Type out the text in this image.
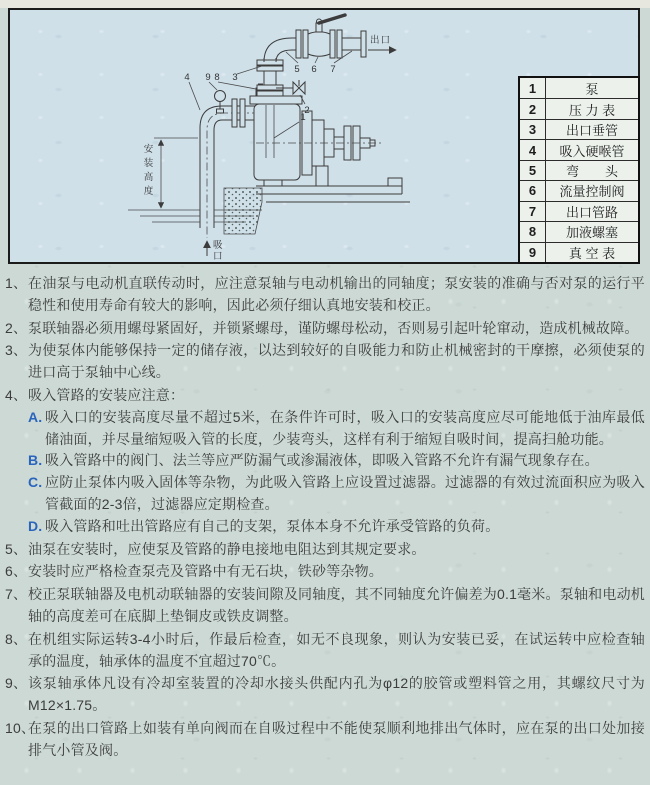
吸
口
安
装
高
度
出口
4 9 8 3
5 6 7
2
1
1	泵
2	压 力 表
3	出口垂管
4	吸入硬喉管
5	弯　　头
6	流量控制阀
7	出口管路
8	加液螺塞
9	真 空 表
1、 在油泵与电动机直联传动时，应注意泵轴与电动机输出的同轴度；泵安装的准确与否对泵的运行平稳性和使用寿命有较大的影响，因此必须仔细认真地安装和校正。
2、 泵联轴器必须用螺母紧固好，并锁紧螺母，谨防螺母松动，否则易引起叶轮窜动，造成机械故障。
3、 为使泵体内能够保持一定的储存液，以达到较好的自吸能力和防止机械密封的干摩擦，必须使泵的进口高于泵轴中心线。
4、 吸入管路的安装应注意：
A. 吸入口的安装高度尽量不超过5米，在条件许可时，吸入口的安装高度应尽可能地低于油库最低储油面，并尽量缩短吸入管的长度，少装弯头，这样有利于缩短自吸时间，提高扫舱功能。
B. 吸入管路中的阀门、法兰等应严防漏气或渗漏液体，即吸入管路不允许有漏气现象存在。
C. 应防止泵体内吸入固体等杂物，为此吸入管路上应设置过滤器。过滤器的有效过流面积应为吸入管截面的2-3倍，过滤器应定期检查。
D. 吸入管路和吐出管路应有自己的支架，泵体本身不允许承受管路的负荷。
5、 油泵在安装时，应使泵及管路的静电接地电阻达到其规定要求。
6、 安装时应严格检查泵壳及管路中有无石块，铁砂等杂物。
7、 校正泵联轴器及电机动联轴器的安装间隙及同轴度，其不同轴度允许偏差为0.1毫米。泵轴和电动机轴的高度差可在底脚上垫铜皮或铁皮调整。
8、 在机组实际运转3-4小时后，作最后检查，如无不良现象，则认为安装已妥，在试运转中应检查轴承的温度，轴承体的温度不宜超过70℃。
9、 该泵轴承体凡设有冷却室装置的冷却水接头供配内孔为φ12的胶管或塑料管之用，其螺纹尺寸为M12×1.75。
10、
在泵的出口管路上如装有单向阀而在自吸过程中不能使泵顺利地排出气体时，应在泵的出口处加接排气小管及阀。
